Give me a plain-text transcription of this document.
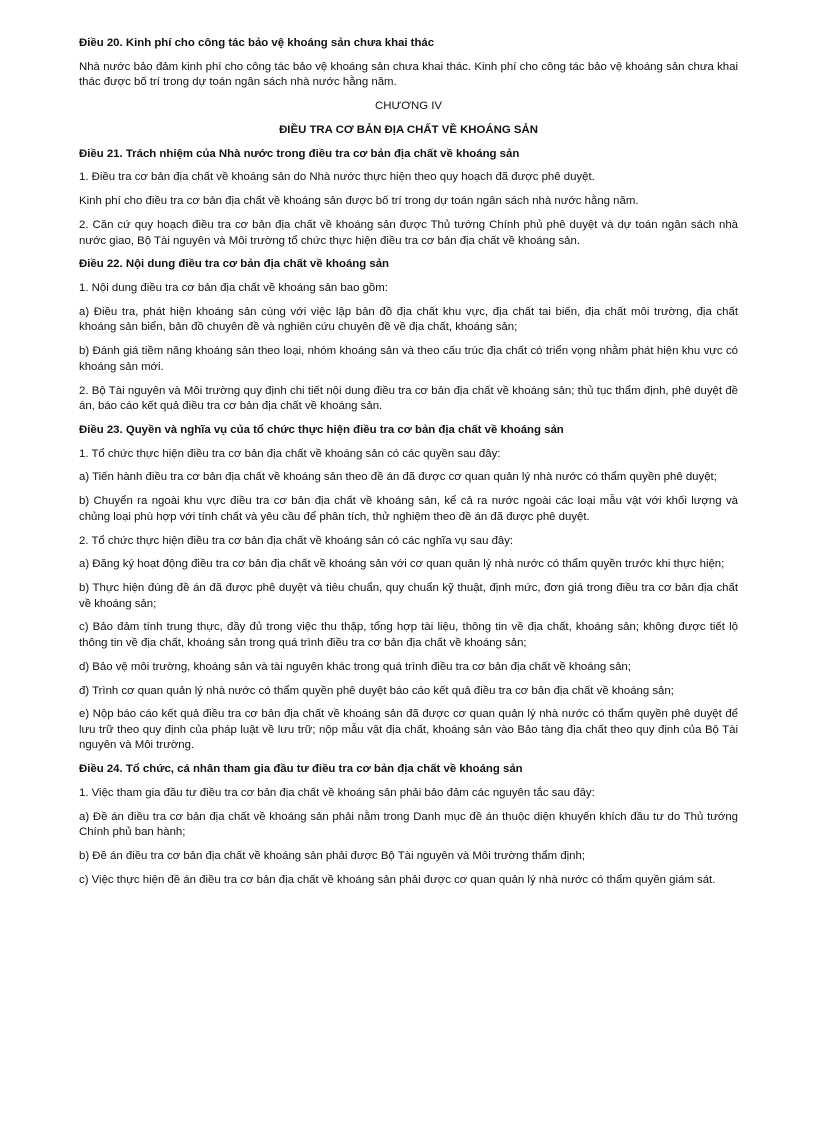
Điều 20. Kinh phí cho công tác bảo vệ khoáng sản chưa khai thác

Nhà nước bảo đảm kinh phí cho công tác bảo vệ khoáng sản chưa khai thác. Kinh phí cho công tác bảo vệ khoáng sản chưa khai thác được bố trí trong dự toán ngân sách nhà nước hằng năm.

CHƯƠNG IV
ĐIỀU TRA CƠ BẢN ĐỊA CHẤT VỀ KHOÁNG SẢN
Điều 21. Trách nhiệm của Nhà nước trong điều tra cơ bản địa chất về khoáng sản

1. Điều tra cơ bản địa chất về khoáng sản do Nhà nước thực hiện theo quy hoạch đã được phê duyệt.

Kinh phí cho điều tra cơ bản địa chất về khoáng sản được bố trí trong dự toán ngân sách nhà nước hằng năm.

2. Căn cứ quy hoạch điều tra cơ bản địa chất về khoáng sản được Thủ tướng Chính phủ phê duyệt và dự toán ngân sách nhà nước giao, Bộ Tài nguyên và Môi trường tổ chức thực hiện điều tra cơ bản địa chất về khoáng sản.

Điều 22. Nội dung điều tra cơ bản địa chất về khoáng sản

1. Nội dung điều tra cơ bản địa chất về khoáng sản bao gồm:

a) Điều tra, phát hiện khoáng sản cùng với việc lập bản đồ địa chất khu vực, địa chất tai biến, địa chất môi trường, địa chất khoáng sản biển, bản đồ chuyên đề và nghiên cứu chuyên đề về địa chất, khoáng sản;

b) Đánh giá tiềm năng khoáng sản theo loại, nhóm khoáng sản và theo cấu trúc địa chất có triển vọng nhằm phát hiện khu vực có khoáng sản mới.

2. Bộ Tài nguyên và Môi trường quy định chi tiết nội dung điều tra cơ bản địa chất về khoáng sản; thủ tục thẩm định, phê duyệt đề án, báo cáo kết quả điều tra cơ bản địa chất về khoáng sản.

Điều 23. Quyền và nghĩa vụ của tổ chức thực hiện điều tra cơ bản địa chất về khoáng sản

1. Tổ chức thực hiện điều tra cơ bản địa chất về khoáng sản có các quyền sau đây:

a) Tiến hành điều tra cơ bản địa chất về khoáng sản theo đề án đã được cơ quan quản lý nhà nước có thẩm quyền phê duyệt;

b) Chuyển ra ngoài khu vực điều tra cơ bản địa chất về khoáng sản, kể cả ra nước ngoài các loại mẫu vật với khối lượng và chủng loại phù hợp với tính chất và yêu cầu để phân tích, thử nghiệm theo đề án đã được phê duyệt.

2. Tổ chức thực hiện điều tra cơ bản địa chất về khoáng sản có các nghĩa vụ sau đây:

a) Đăng ký hoạt động điều tra cơ bản địa chất về khoáng sản với cơ quan quản lý nhà nước có thẩm quyền trước khi thực hiện;

b) Thực hiện đúng đề án đã được phê duyệt và tiêu chuẩn, quy chuẩn kỹ thuật, định mức, đơn giá trong điều tra cơ bản địa chất về khoáng sản;

c) Bảo đảm tính trung thực, đầy đủ trong việc thu thập, tổng hợp tài liệu, thông tin về địa chất, khoáng sản; không được tiết lộ thông tin về địa chất, khoáng sản trong quá trình điều tra cơ bản địa chất về khoáng sản;

d) Bảo vệ môi trường, khoáng sản và tài nguyên khác trong quá trình điều tra cơ bản địa chất về khoáng sản;

đ) Trình cơ quan quản lý nhà nước có thẩm quyền phê duyệt báo cáo kết quả điều tra cơ bản địa chất về khoáng sản;

e) Nộp báo cáo kết quả điều tra cơ bản địa chất về khoáng sản đã được cơ quan quản lý nhà nước có thẩm quyền phê duyệt để lưu trữ theo quy định của pháp luật về lưu trữ; nộp mẫu vật địa chất, khoáng sản vào Bảo tàng địa chất theo quy định của Bộ Tài nguyên và Môi trường.

Điều 24. Tổ chức, cá nhân tham gia đầu tư điều tra cơ bản địa chất về khoáng sản

1. Việc tham gia đầu tư điều tra cơ bản địa chất về khoáng sản phải bảo đảm các nguyên tắc sau đây:

a) Đề án điều tra cơ bản địa chất về khoáng sản phải nằm trong Danh mục đề án thuộc diện khuyến khích đầu tư do Thủ tướng Chính phủ ban hành;

b) Đề án điều tra cơ bản địa chất về khoáng sản phải được Bộ Tài nguyên và Môi trường thẩm định;

c) Việc thực hiện đề án điều tra cơ bản địa chất về khoáng sản phải được cơ quan quản lý nhà nước có thẩm quyền giám sát.
